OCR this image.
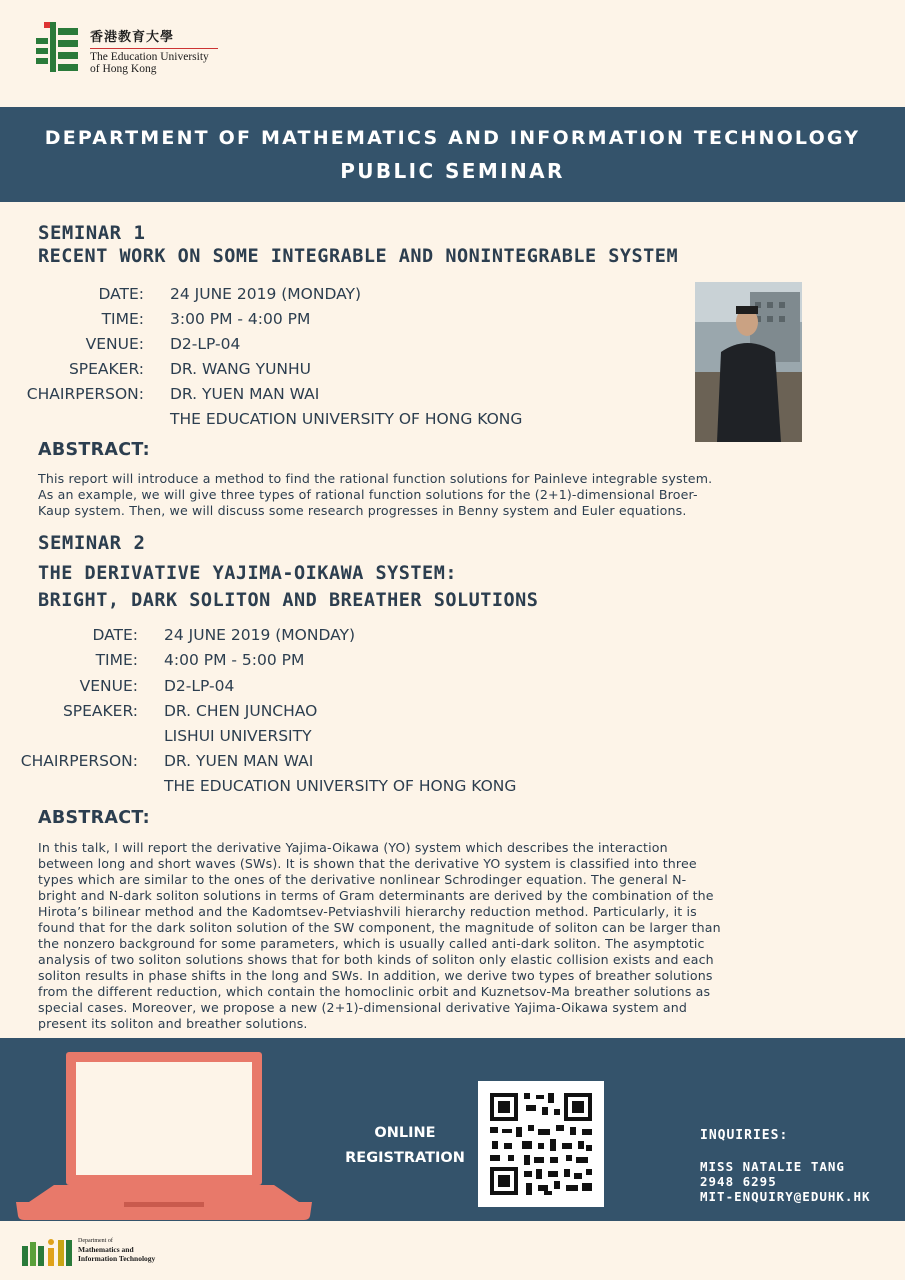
香港教育大學
The Education University
of Hong Kong
DEPARTMENT OF MATHEMATICS AND INFORMATION TECHNOLOGY
PUBLIC SEMINAR
SEMINAR 1
RECENT WORK ON SOME INTEGRABLE AND NONINTEGRABLE SYSTEM
DATE: 24 JUNE 2019 (MONDAY)
TIME: 3:00 PM - 4:00 PM
VENUE: D2-LP-04
SPEAKER: DR. WANG YUNHU
CHAIRPERSON: DR. YUEN MAN WAI
THE EDUCATION UNIVERSITY OF HONG KONG
ABSTRACT:
This report will introduce a method to find the rational function solutions for Painleve integrable system.
As an example, we will give three types of rational function solutions for the (2+1)-dimensional Broer-
Kaup system. Then, we will discuss some research progresses in Benny system and Euler equations.
SEMINAR 2
THE DERIVATIVE YAJIMA-OIKAWA SYSTEM:
BRIGHT, DARK SOLITON AND BREATHER SOLUTIONS
DATE: 24 JUNE 2019 (MONDAY)
TIME: 4:00 PM - 5:00 PM
VENUE: D2-LP-04
SPEAKER: DR. CHEN JUNCHAO
LISHUI UNIVERSITY
CHAIRPERSON: DR. YUEN MAN WAI
THE EDUCATION UNIVERSITY OF HONG KONG
ABSTRACT:
In this talk, I will report the derivative Yajima-Oikawa (YO) system which describes the interaction
between long and short waves (SWs). It is shown that the derivative YO system is classified into three
types which are similar to the ones of the derivative nonlinear Schrodinger equation. The general N-
bright and N-dark soliton solutions in terms of Gram determinants are derived by the combination of the
Hirota’s bilinear method and the Kadomtsev-Petviashvili hierarchy reduction method. Particularly, it is
found that for the dark soliton solution of the SW component, the magnitude of soliton can be larger than
the nonzero background for some parameters, which is usually called anti-dark soliton. The asymptotic
analysis of two soliton solutions shows that for both kinds of soliton only elastic collision exists and each
soliton results in phase shifts in the long and SWs. In addition, we derive two types of breather solutions
from the different reduction, which contain the homoclinic orbit and Kuznetsov-Ma breather solutions as
special cases. Moreover, we propose a new (2+1)-dimensional derivative Yajima-Oikawa system and
present its soliton and breather solutions.
ONLINE
REGISTRATION
INQUIRIES:
MISS NATALIE TANG
2948 6295
MIT-ENQUIRY@EDUHK.HK
Department of
Mathematics and
Information Technology
